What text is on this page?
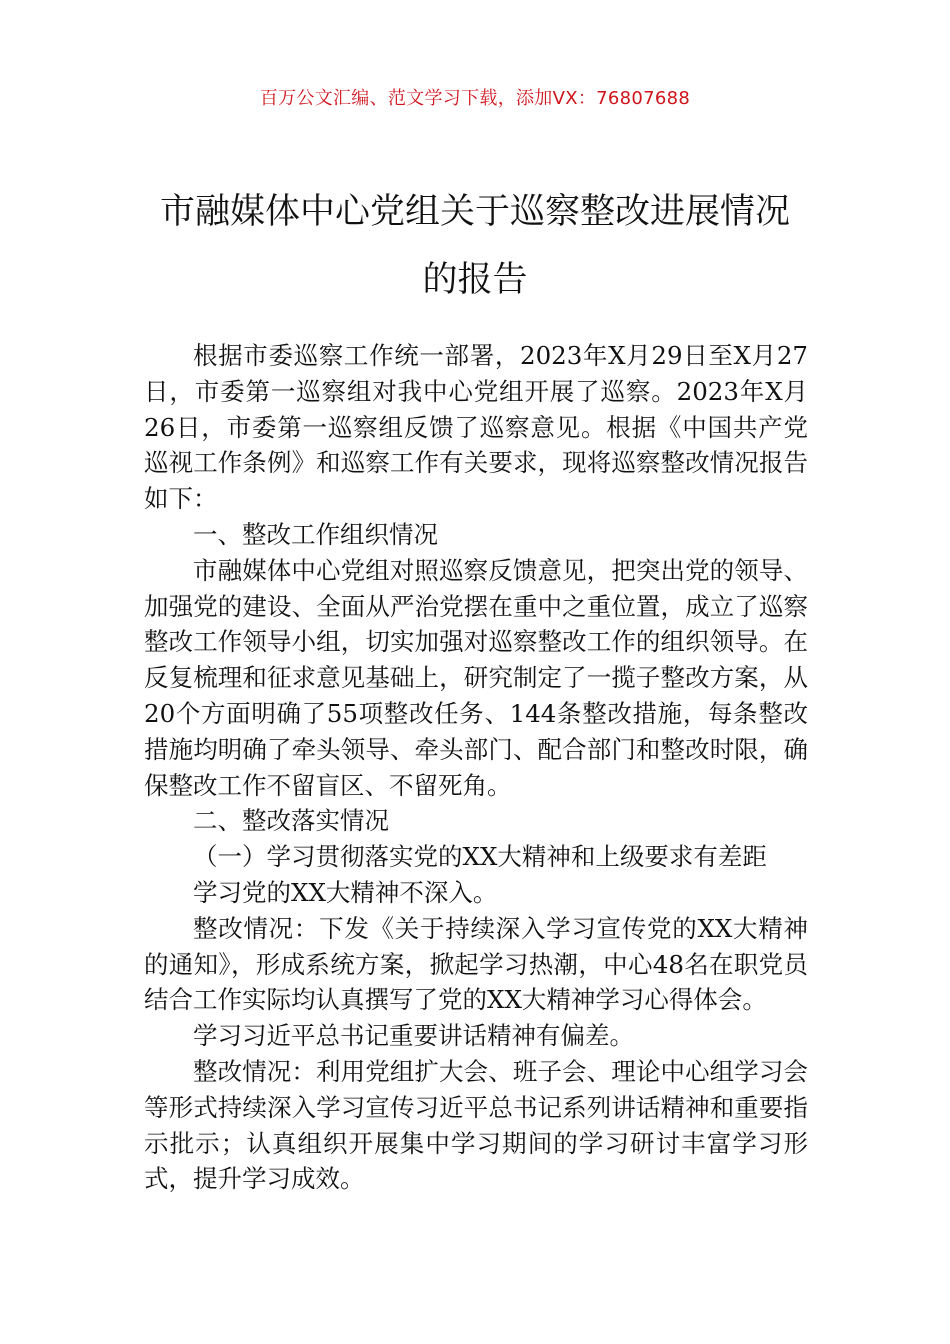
百万公文汇编、范文学习下载，添加VX：76807688
市融媒体中心党组关于巡察整改进展情况
的报告

根据市委巡察工作统一部署，2023年X月29日至X月27日，市委第一巡察组对我中心党组开展了巡察。2023年X月26日，市委第一巡察组反馈了巡察意见。根据《中国共产党巡视工作条例》和巡察工作有关要求，现将巡察整改情况报告如下：

一、整改工作组织情况

市融媒体中心党组对照巡察反馈意见，把突出党的领导、加强党的建设、全面从严治党摆在重中之重位置，成立了巡察整改工作领导小组，切实加强对巡察整改工作的组织领导。在反复梳理和征求意见基础上，研究制定了一揽子整改方案，从20个方面明确了55项整改任务、144条整改措施，每条整改措施均明确了牵头领导、牵头部门、配合部门和整改时限，确保整改工作不留盲区、不留死角。

二、整改落实情况

（一）学习贯彻落实党的XX大精神和上级要求有差距

学习党的XX大精神不深入。

整改情况：下发《关于持续深入学习宣传党的XX大精神的通知》，形成系统方案，掀起学习热潮，中心48名在职党员结合工作实际均认真撰写了党的XX大精神学习心得体会。

学习习近平总书记重要讲话精神有偏差。

整改情况：利用党组扩大会、班子会、理论中心组学习会等形式持续深入学习宣传习近平总书记系列讲话精神和重要指示批示；认真组织开展集中学习期间的学习研讨丰富学习形式，提升学习成效。
